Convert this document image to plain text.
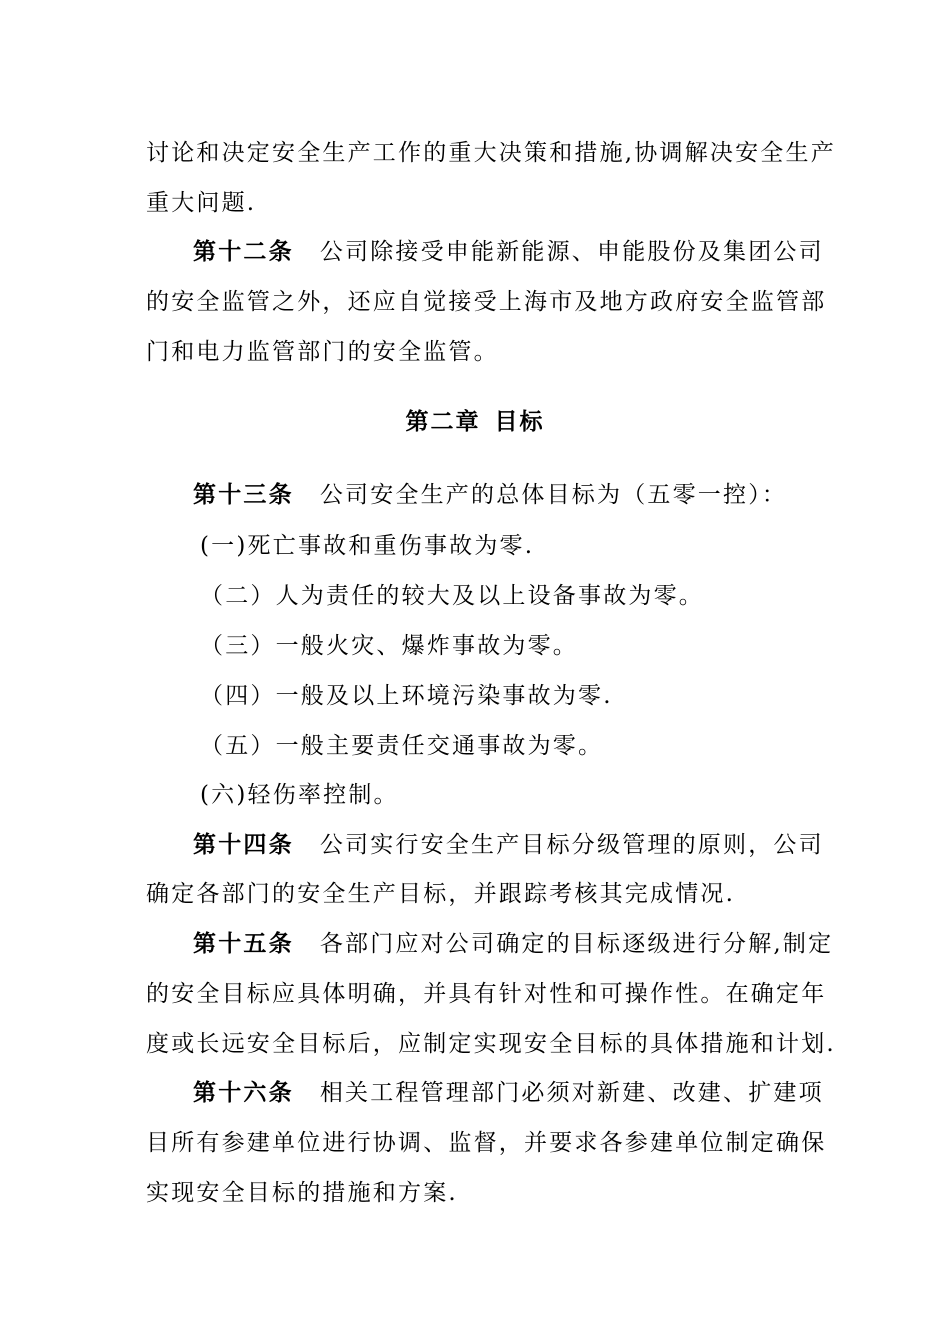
讨论和决定安全生产工作的重大决策和措施,协调解决安全生产
重大问题.
第十二条 公司除接受申能新能源、申能股份及集团公司
的安全监管之外，还应自觉接受上海市及地方政府安全监管部
门和电力监管部门的安全监管。
第二章 目标
第十三条 公司安全生产的总体目标为（五零一控）：
(一)死亡事故和重伤事故为零.
（二）人为责任的较大及以上设备事故为零。
（三）一般火灾、爆炸事故为零。
（四）一般及以上环境污染事故为零.
（五）一般主要责任交通事故为零。
(六)轻伤率控制。
第十四条 公司实行安全生产目标分级管理的原则，公司
确定各部门的安全生产目标，并跟踪考核其完成情况.
第十五条 各部门应对公司确定的目标逐级进行分解,制定
的安全目标应具体明确，并具有针对性和可操作性。在确定年
度或长远安全目标后，应制定实现安全目标的具体措施和计划.
第十六条 相关工程管理部门必须对新建、改建、扩建项
目所有参建单位进行协调、监督，并要求各参建单位制定确保
实现安全目标的措施和方案.
